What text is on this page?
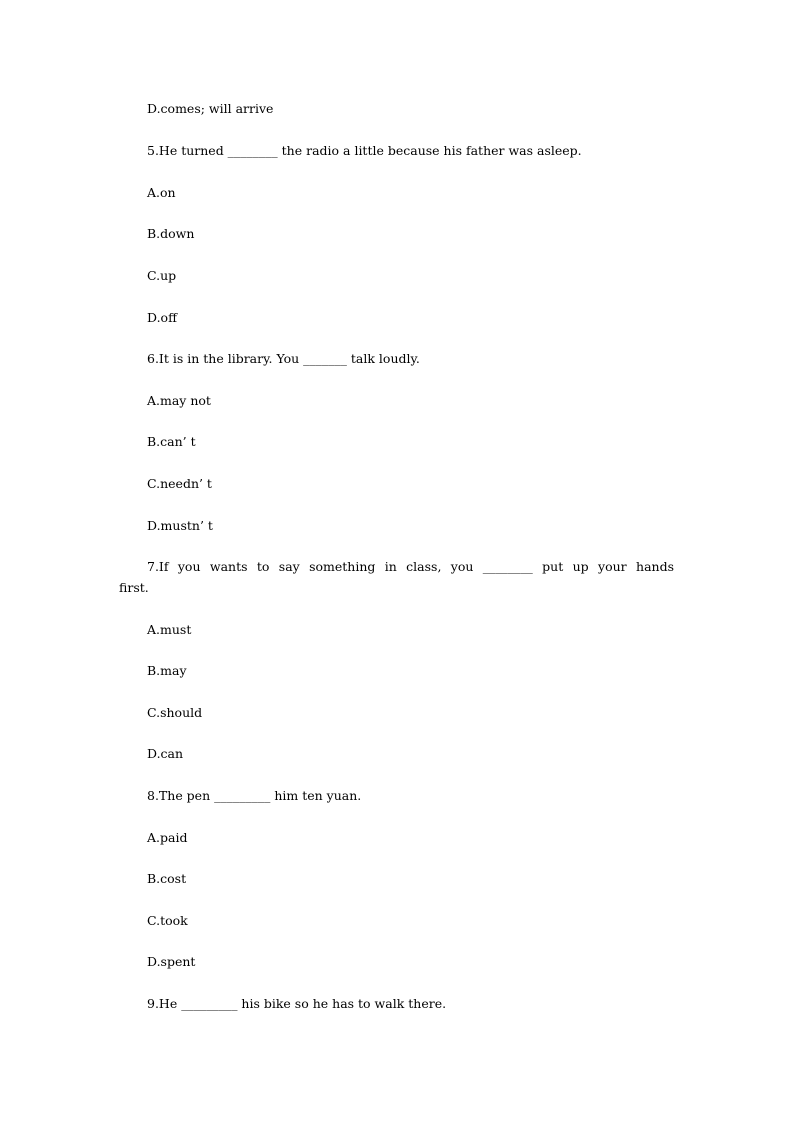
D.comes; will arrive
5.He turned ________ the radio a little because his father was asleep.
A.on
B.down
C.up
D.off
6.It is in the library. You _______ talk loudly.
A.may not
B.can’ t
C.needn’ t
D.mustn’ t
7.If you wants to say something in class, you ________ put up your hands
first.
A.must
B.may
C.should
D.can
8.The pen _________ him ten yuan.
A.paid
B.cost
C.took
D.spent
9.He _________ his bike so he has to walk there.
